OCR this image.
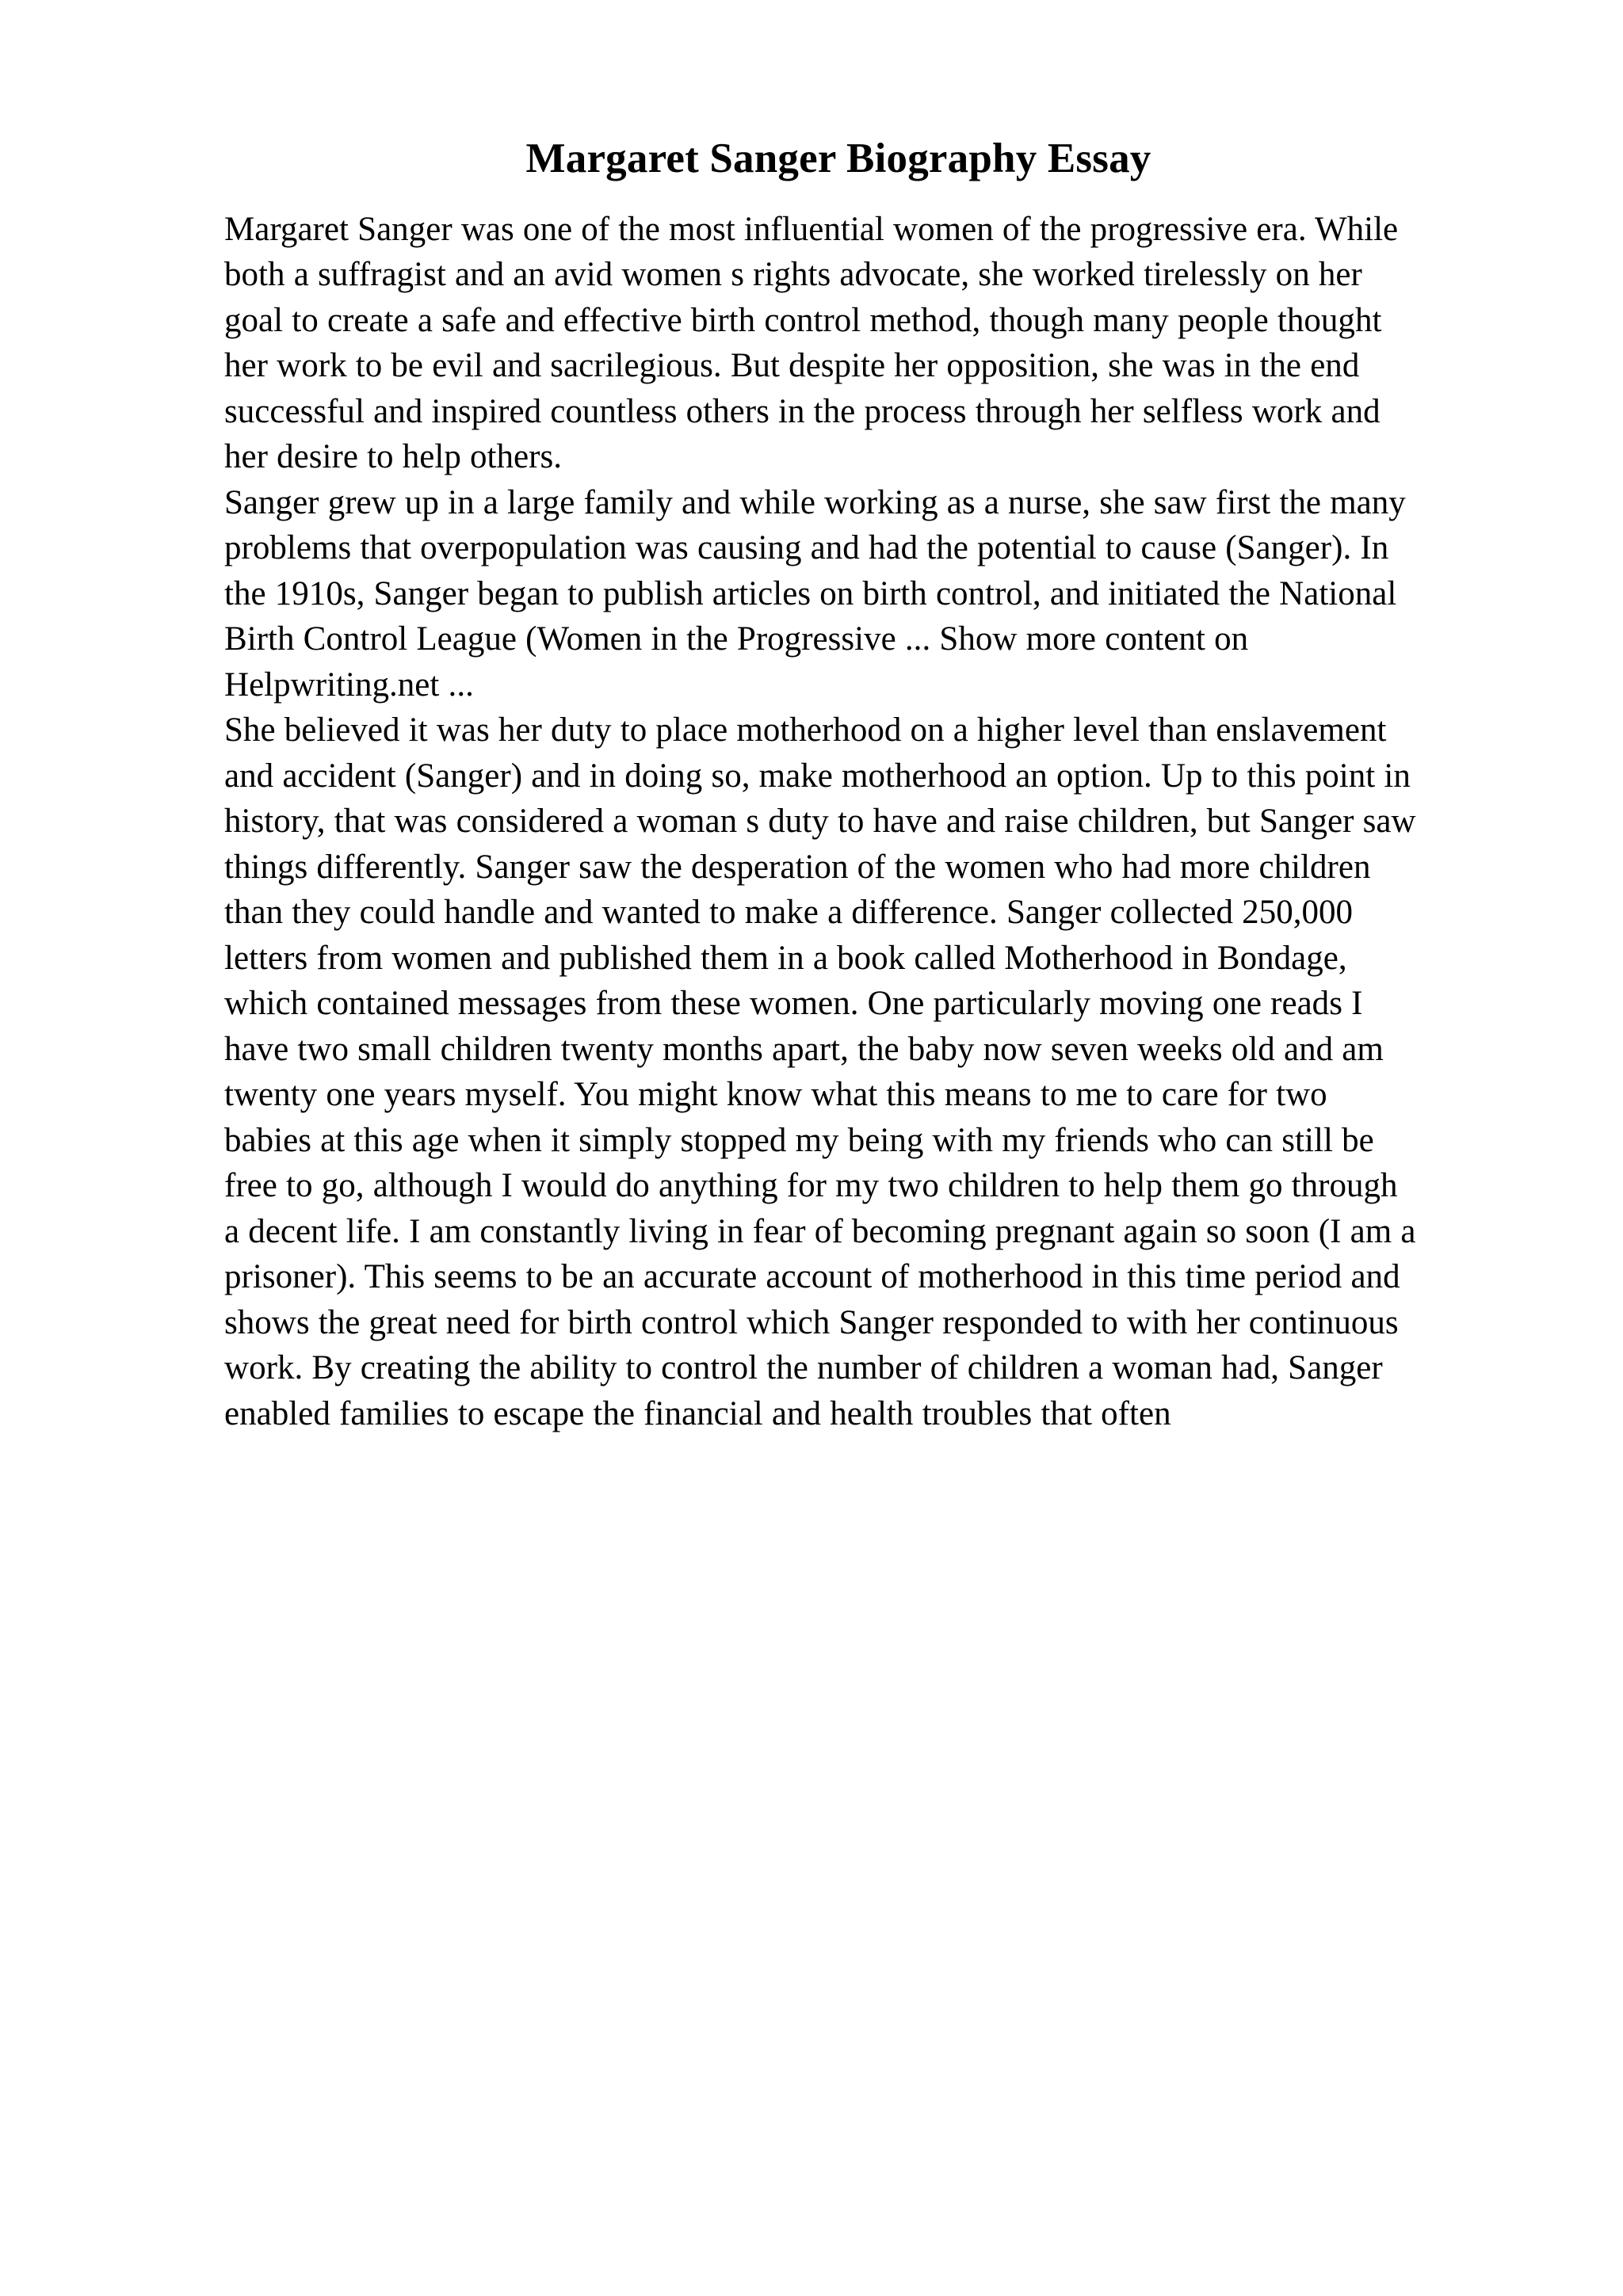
Margaret Sanger Biography Essay

Margaret Sanger was one of the most influential women of the progressive era. While both a suffragist and an avid women s rights advocate, she worked tirelessly on her goal to create a safe and effective birth control method, though many people thought her work to be evil and sacrilegious. But despite her opposition, she was in the end successful and inspired countless others in the process through her selfless work and her desire to help others.

Sanger grew up in a large family and while working as a nurse, she saw first the many problems that overpopulation was causing and had the potential to cause (Sanger). In the 1910s, Sanger began to publish articles on birth control, and initiated the National Birth Control League (Women in the Progressive ... Show more content on Helpwriting.net ...

She believed it was her duty to place motherhood on a higher level than enslavement and accident (Sanger) and in doing so, make motherhood an option. Up to this point in history, that was considered a woman s duty to have and raise children, but Sanger saw things differently. Sanger saw the desperation of the women who had more children than they could handle and wanted to make a difference. Sanger collected 250,000 letters from women and published them in a book called Motherhood in Bondage, which contained messages from these women. One particularly moving one reads I have two small children twenty months apart, the baby now seven weeks old and am twenty one years myself. You might know what this means to me to care for two babies at this age when it simply stopped my being with my friends who can still be free to go, although I would do anything for my two children to help them go through a decent life. I am constantly living in fear of becoming pregnant again so soon (I am a prisoner). This seems to be an accurate account of motherhood in this time period and shows the great need for birth control which Sanger responded to with her continuous work. By creating the ability to control the number of children a woman had, Sanger enabled families to escape the financial and health troubles that often
